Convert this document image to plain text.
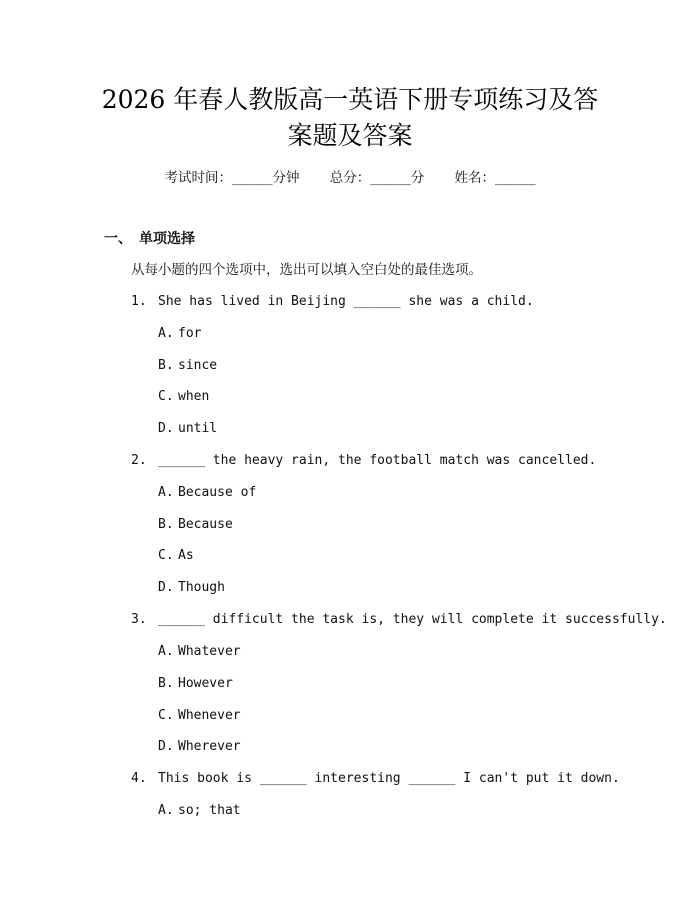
2026 年春人教版高一英语下册专项练习及答
案题及答案
考试时间：______分钟 总分：______分 姓名：______
一、 单项选择
从每小题的四个选项中，选出可以填入空白处的最佳选项。
1. She has lived in Beijing ______ she was a child.
A. for
B. since
C. when
D. until
2. ______ the heavy rain, the football match was cancelled.
A. Because of
B. Because
C. As
D. Though
3. ______ difficult the task is, they will complete it successfully.
A. Whatever
B. However
C. Whenever
D. Wherever
4. This book is ______ interesting ______ I can't put it down.
A. so; that
